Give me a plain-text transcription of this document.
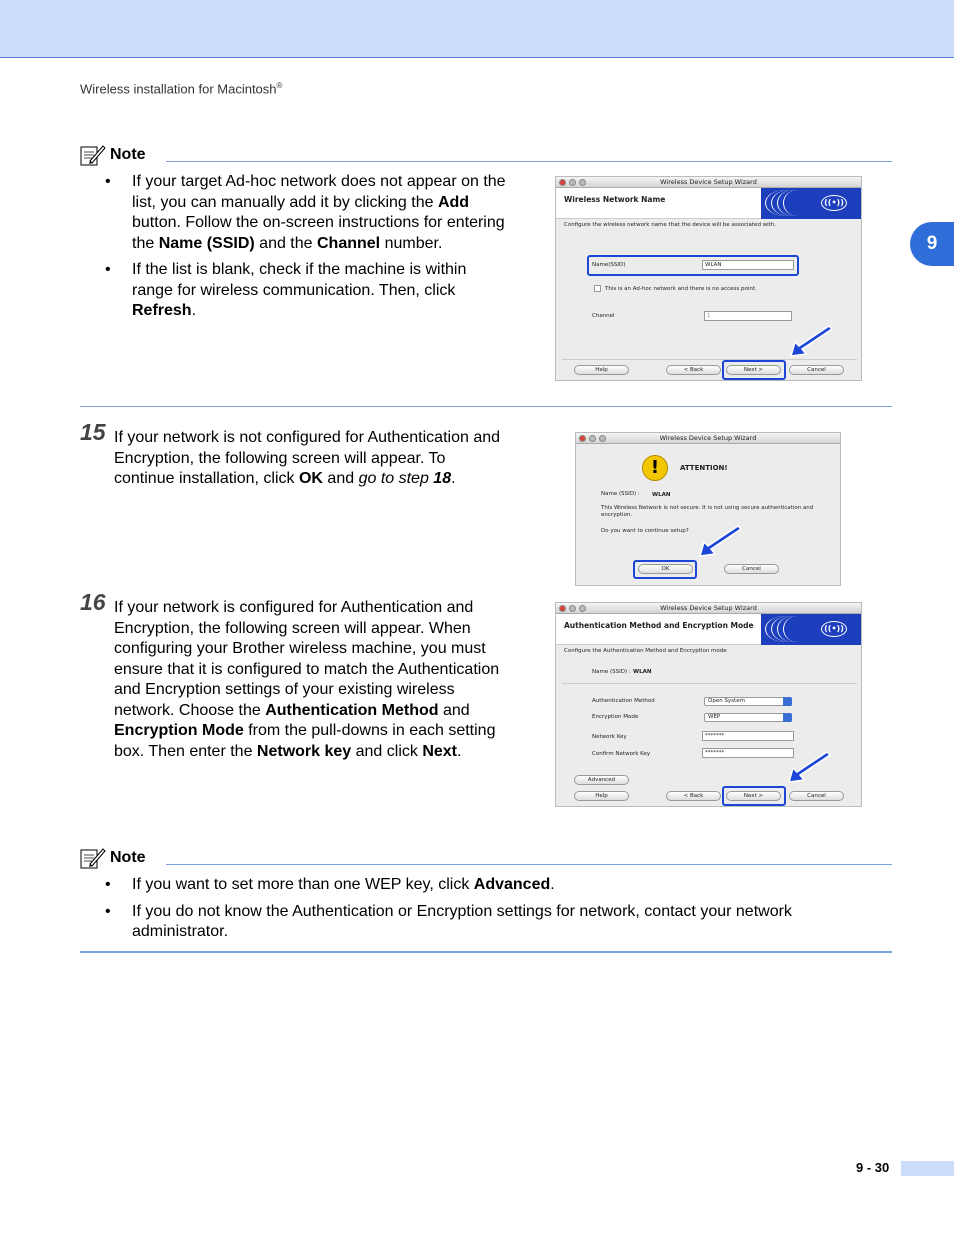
Wireless installation for Macintosh®
9
Note
• If your target Ad-hoc network does not appear on the list, you can manually add it by clicking the Add button. Follow the on-screen instructions for entering the Name (SSID) and the Channel number.
• If the list is blank, check if the machine is within range for wireless communication. Then, click Refresh.
Wireless Device Setup Wizard
Wireless Network Name	((•))
Configure the wireless network name that the device will be associated with.
Name(SSID)	WLAN
This is an Ad-hoc network and there is no access point.
Channel	1
Help	< Back	Next >	Cancel
15 If your network is not configured for Authentication and Encryption, the following screen will appear. To continue installation, click OK and go to step 18.
Wireless Device Setup Wizard
!	ATTENTION!
Name (SSID) : WLAN
This Wireless Network is not secure. It is not using secure authentication and encryption.
Do you want to continue setup?
OK	Cancel
16 If your network is configured for Authentication and Encryption, the following screen will appear. When configuring your Brother wireless machine, you must ensure that it is configured to match the Authentication and Encryption settings of your existing wireless network. Choose the Authentication Method and Encryption Mode from the pull-downs in each setting box. Then enter the Network key and click Next.
Wireless Device Setup Wizard
Authentication Method and Encryption Mode	((•))
Configure the Authentication Method and Encryption mode
Name (SSID) : WLAN
Authentication Method	Open System
Encryption Mode	WEP
Network Key	*******
Confirm Network Key	*******
Advanced
Help	< Back	Next >	Cancel
Note
• If you want to set more than one WEP key, click Advanced.
• If you do not know the Authentication or Encryption settings for network, contact your network administrator.
9 - 30
